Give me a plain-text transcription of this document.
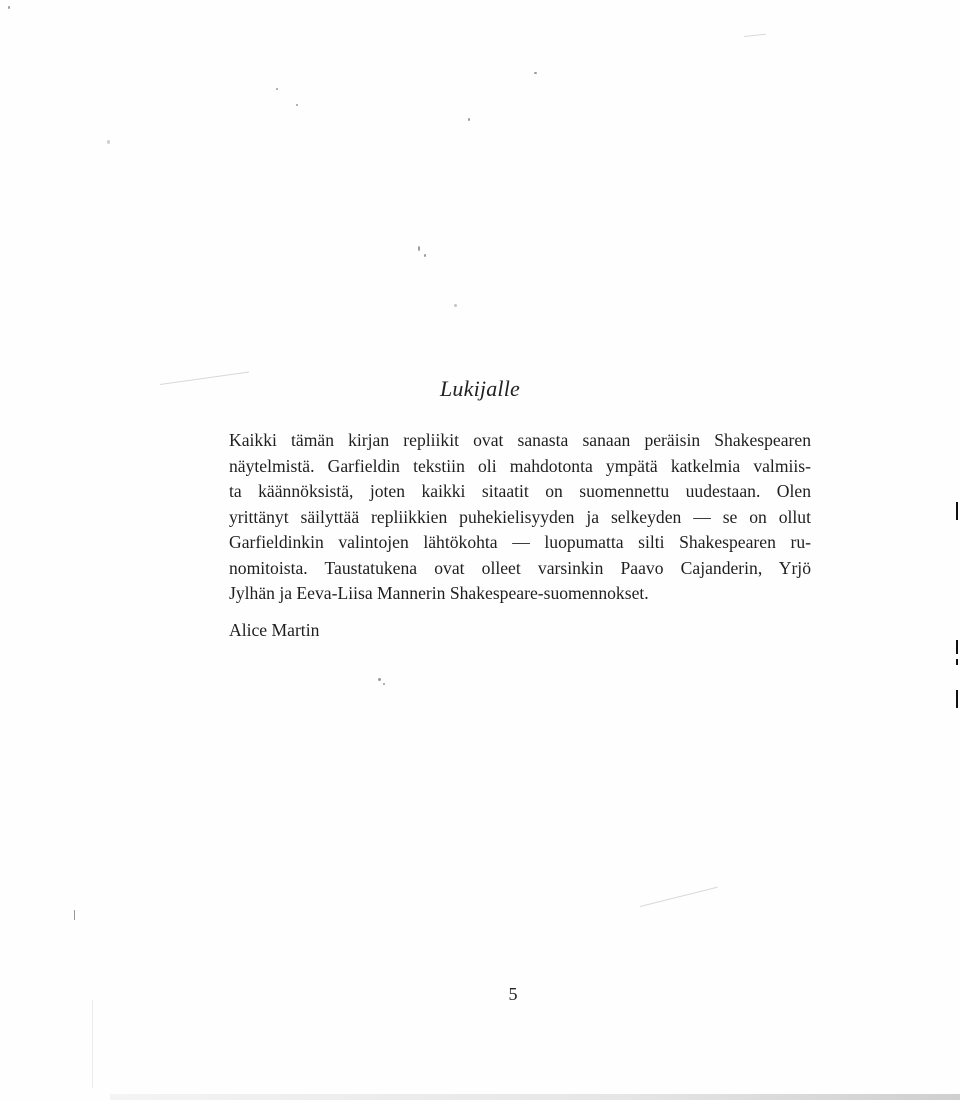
Lukijalle

Kaikki tämän kirjan repliikit ovat sanasta sanaan peräisin Shakespearen
näytelmistä. Garfieldin tekstiin oli mahdotonta ympätä katkelmia valmiis-
ta käännöksistä, joten kaikki sitaatit on suomennettu uudestaan. Olen
yrittänyt säilyttää repliikkien puhekielisyyden ja selkeyden — se on ollut
Garfieldinkin valintojen lähtökohta — luopumatta silti Shakespearen ru-
nomitoista. Taustatukena ovat olleet varsinkin Paavo Cajanderin, Yrjö
Jylhän ja Eeva-Liisa Mannerin Shakespeare-suomennokset.

Alice Martin
5
